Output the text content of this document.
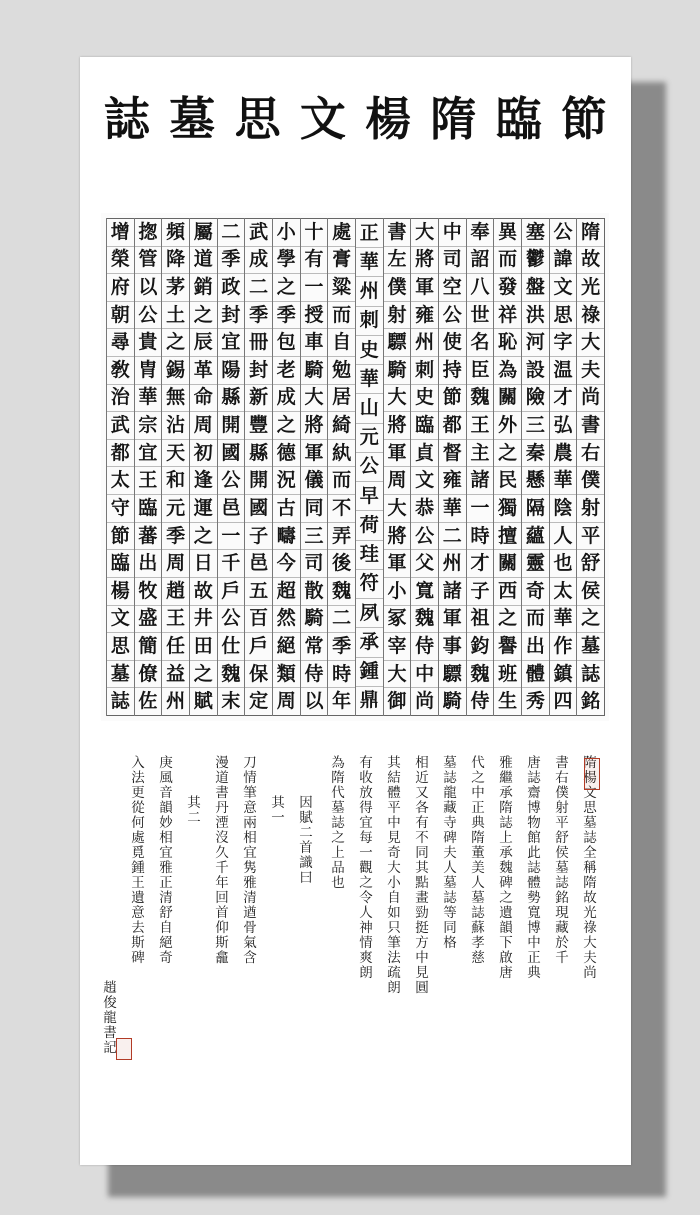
節
臨
隋
楊
文
思
墓
誌
隋
故
光
祿
大
夫
尚
書
右
僕
射
平
舒
侯
之
墓
誌
銘
公
諱
文
思
字
温
才
弘
農
華
陰
人
也
太
華
作
鎮
四
塞
鬱
盤
洪
河
設
險
三
秦
懸
隔
蘊
靈
奇
而
出
體
秀
異
而
發
祥
恥
為
關
外
之
民
獨
擅
關
西
之
譽
班
生
奉
詔
八
世
名
臣
魏
王
主
諸
一
時
才
子
祖
鈞
魏
侍
中
司
空
公
使
持
節
都
督
雍
華
二
州
諸
軍
事
驃
騎
大
將
軍
雍
州
刺
史
臨
貞
文
恭
公
父
寬
魏
侍
中
尚
書
左
僕
射
驃
騎
大
將
軍
周
大
將
軍
小
冢
宰
大
御
正
華
州
刺
史
華
山
元
公
早
荷
珪
符
夙
承
鍾
鼎
處
膏
粱
而
自
勉
居
綺
紈
而
不
弄
後
魏
二
季
時
年
十
有
一
授
車
騎
大
將
軍
儀
同
三
司
散
騎
常
侍
以
小
學
之
季
包
老
成
之
德
況
古
疇
今
超
然
絕
類
周
武
成
二
季
冊
封
新
豐
縣
開
國
子
邑
五
百
戶
保
定
二
季
政
封
宜
陽
縣
開
國
公
邑
一
千
戶
公
仕
魏
末
屬
道
銷
之
辰
革
命
周
初
逢
運
之
日
故
井
田
之
賦
頻
降
茅
土
之
錫
無
沾
天
和
元
季
周
趙
王
任
益
州
揔
管
以
公
貴
胄
華
宗
宜
王
臨
蕃
出
牧
盛
簡
僚
佐
增
榮
府
朝
尋
敎
治
武
都
太
守
節
臨
楊
文
思
墓
誌
隋楊文思墓誌全稱隋故光祿大夫尚
書右僕射平舒侯墓誌銘現藏於千
唐誌齋博物館此誌體勢寬博中正典
雅繼承隋誌上承魏碑之遺韻下啟唐
代之中正典隋董美人墓誌蘇孝慈
墓誌龍藏寺碑夫人墓誌等同格
相近又各有不同其點畫勁挺方中見圓
其結體平中見奇大小自如只筆法疏朗
有收放得宜每一觀之令人神情爽朗
為隋代墓誌之上品也
因賦二首識曰
其一
刀情筆意兩相宜隽雅清遒骨氣含
漫道書丹湮沒久千年回首仰斯龕
其二
庚風音韻妙相宜雅正清舒自絕奇
入法更從何處覓鍾王遺意去斯碑
趙俊龍書記
